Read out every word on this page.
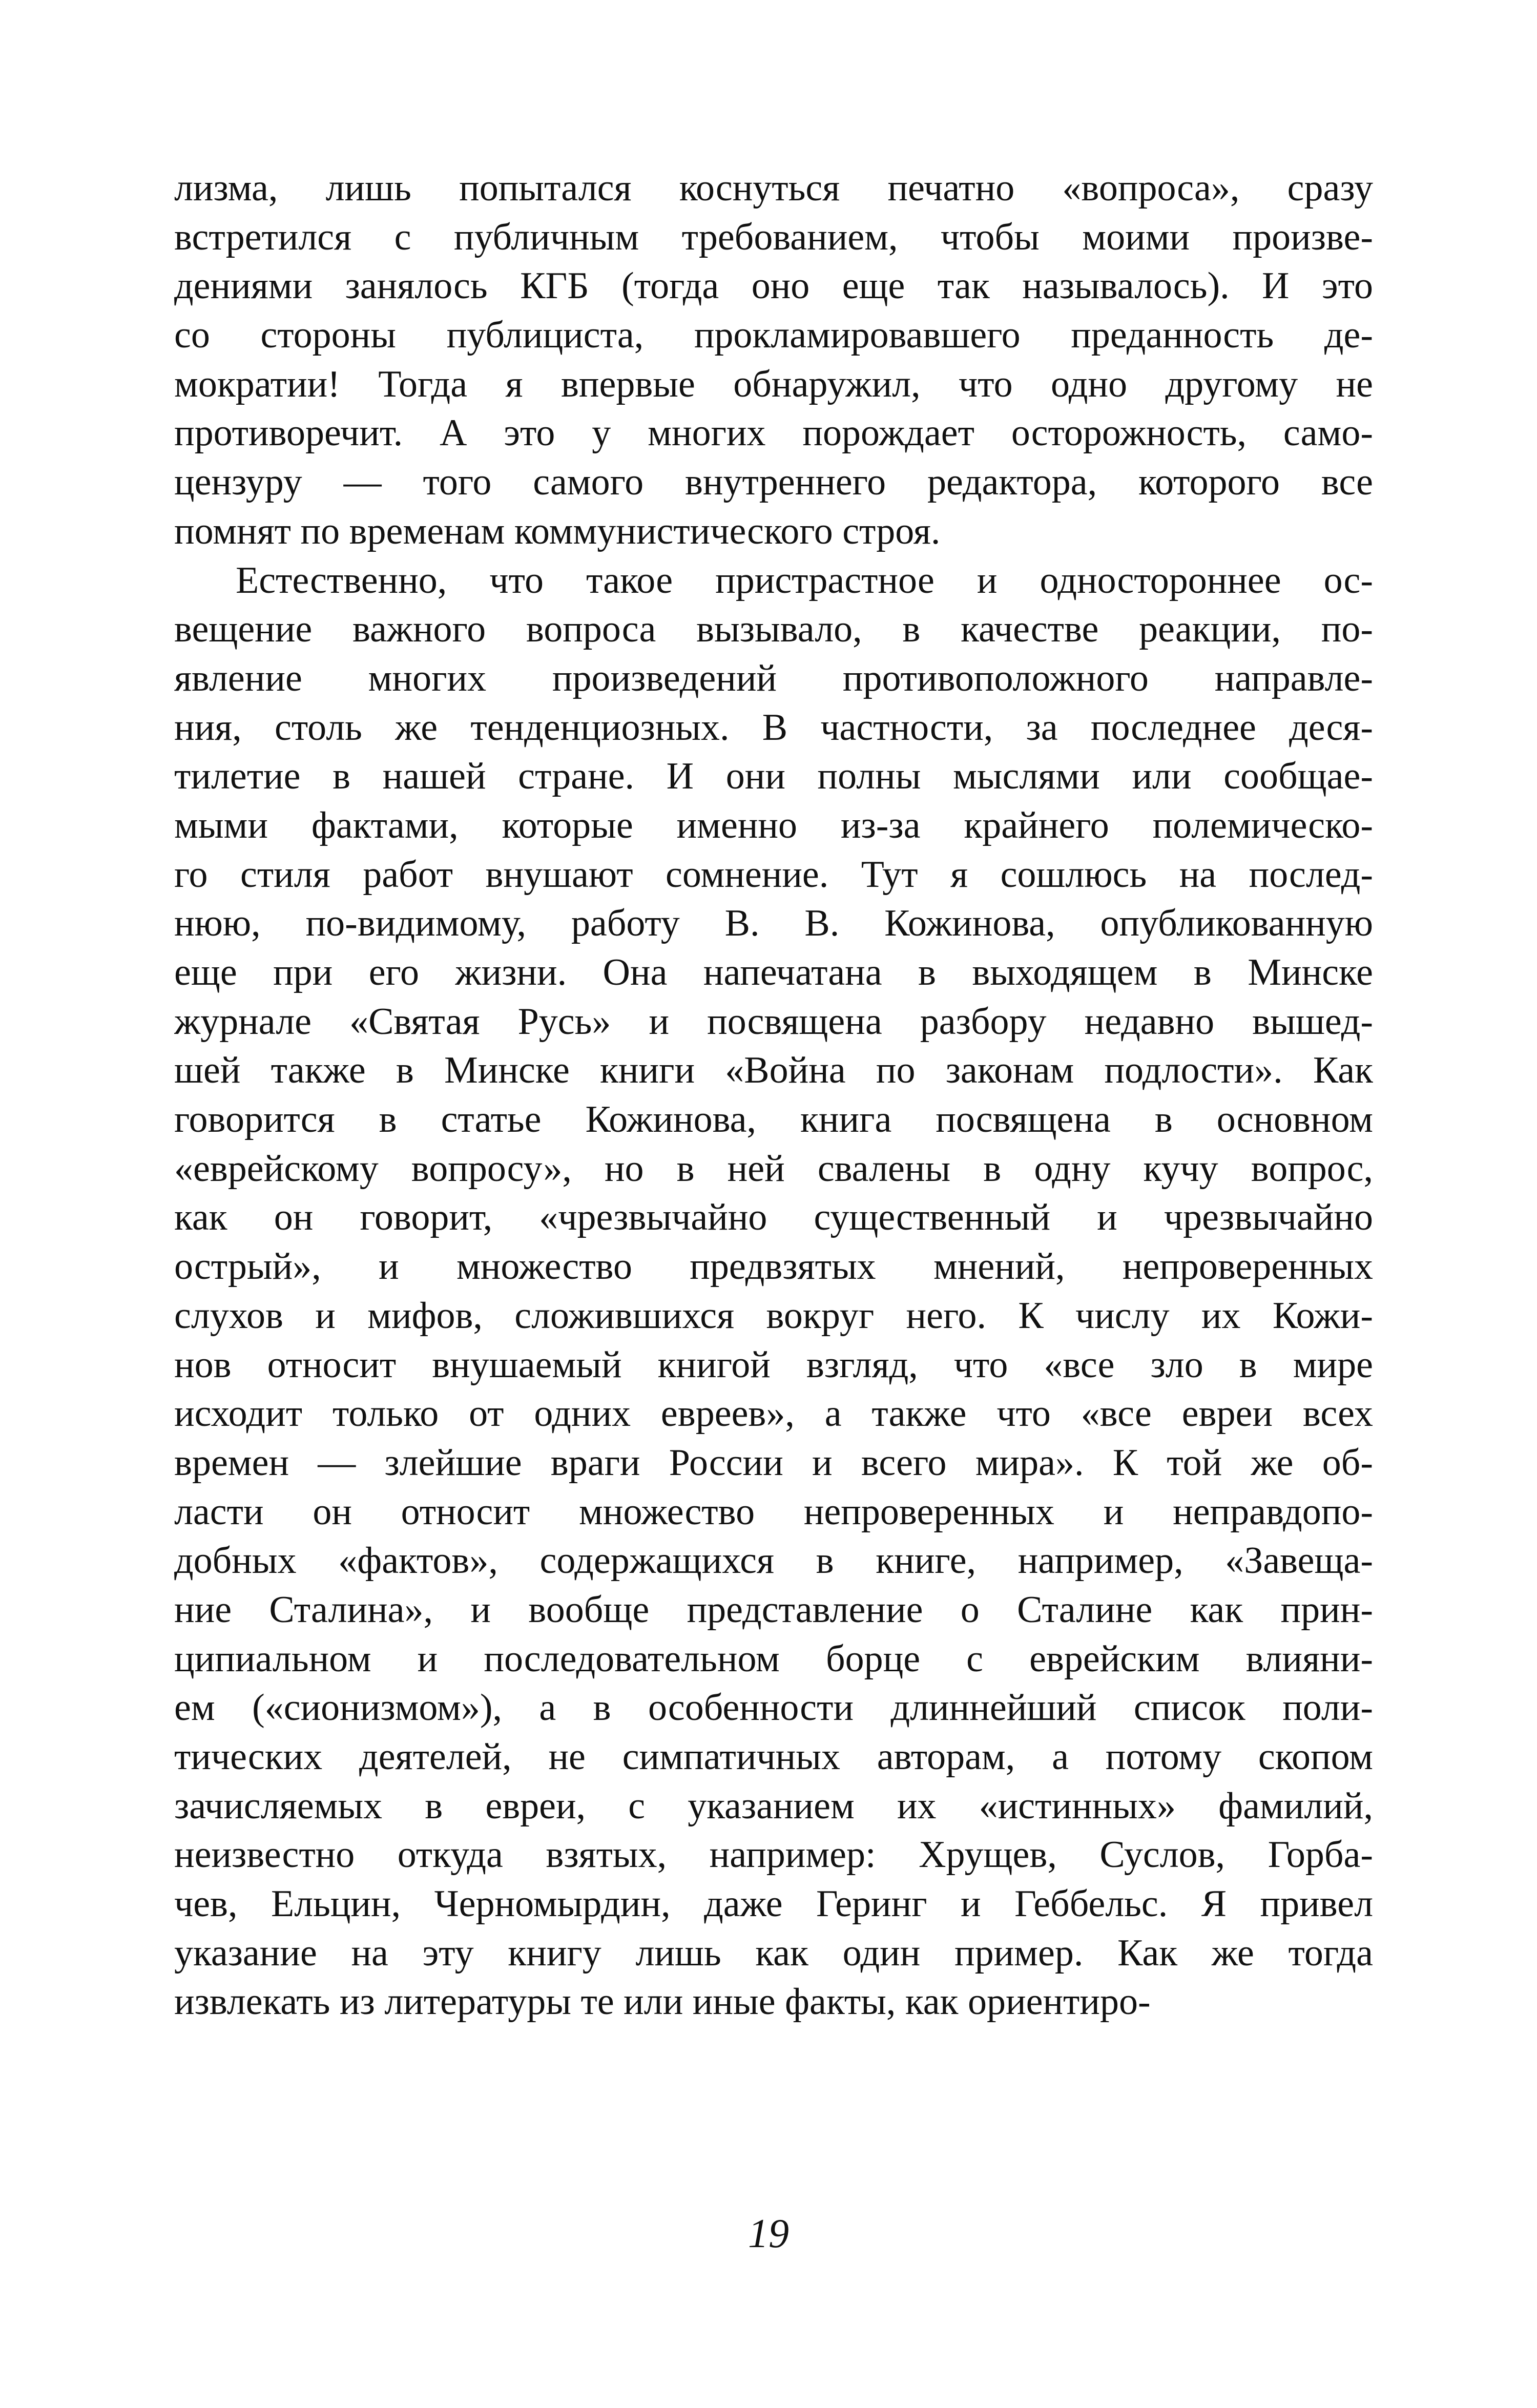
лизма, лишь попытался коснуться печатно «вопроса», сразу
встретился с публичным требованием, чтобы моими произве-
дениями занялось КГБ (тогда оно еще так называлось). И это
со стороны публициста, прокламировавшего преданность де-
мократии! Тогда я впервые обнаружил, что одно другому не
противоречит. А это у многих порождает осторожность, само-
цензуру — того самого внутреннего редактора, которого все
помнят по временам коммунистического строя.
Естественно, что такое пристрастное и одностороннее ос-
вещение важного вопроса вызывало, в качестве реакции, по-
явление многих произведений противоположного направле-
ния, столь же тенденциозных. В частности, за последнее деся-
тилетие в нашей стране. И они полны мыслями или сообщае-
мыми фактами, которые именно из-за крайнего полемическо-
го стиля работ внушают сомнение. Тут я сошлюсь на послед-
нюю, по-видимому, работу В. В. Кожинова, опубликованную
еще при его жизни. Она напечатана в выходящем в Минске
журнале «Святая Русь» и посвящена разбору недавно вышед-
шей также в Минске книги «Война по законам подлости». Как
говорится в статье Кожинова, книга посвящена в основном
«еврейскому вопросу», но в ней свалены в одну кучу вопрос,
как он говорит, «чрезвычайно существенный и чрезвычайно
острый», и множество предвзятых мнений, непроверенных
слухов и мифов, сложившихся вокруг него. К числу их Кожи-
нов относит внушаемый книгой взгляд, что «все зло в мире
исходит только от одних евреев», а также что «все евреи всех
времен — злейшие враги России и всего мира». К той же об-
ласти он относит множество непроверенных и неправдопо-
добных «фактов», содержащихся в книге, например, «Завеща-
ние Сталина», и вообще представление о Сталине как прин-
ципиальном и последовательном борце с еврейским влияни-
ем («сионизмом»), а в особенности длиннейший список поли-
тических деятелей, не симпатичных авторам, а потому скопом
зачисляемых в евреи, с указанием их «истинных» фамилий,
неизвестно откуда взятых, например: Хрущев, Суслов, Горба-
чев, Ельцин, Черномырдин, даже Геринг и Геббельс. Я привел
указание на эту книгу лишь как один пример. Как же тогда
извлекать из литературы те или иные факты, как ориентиро-
19
